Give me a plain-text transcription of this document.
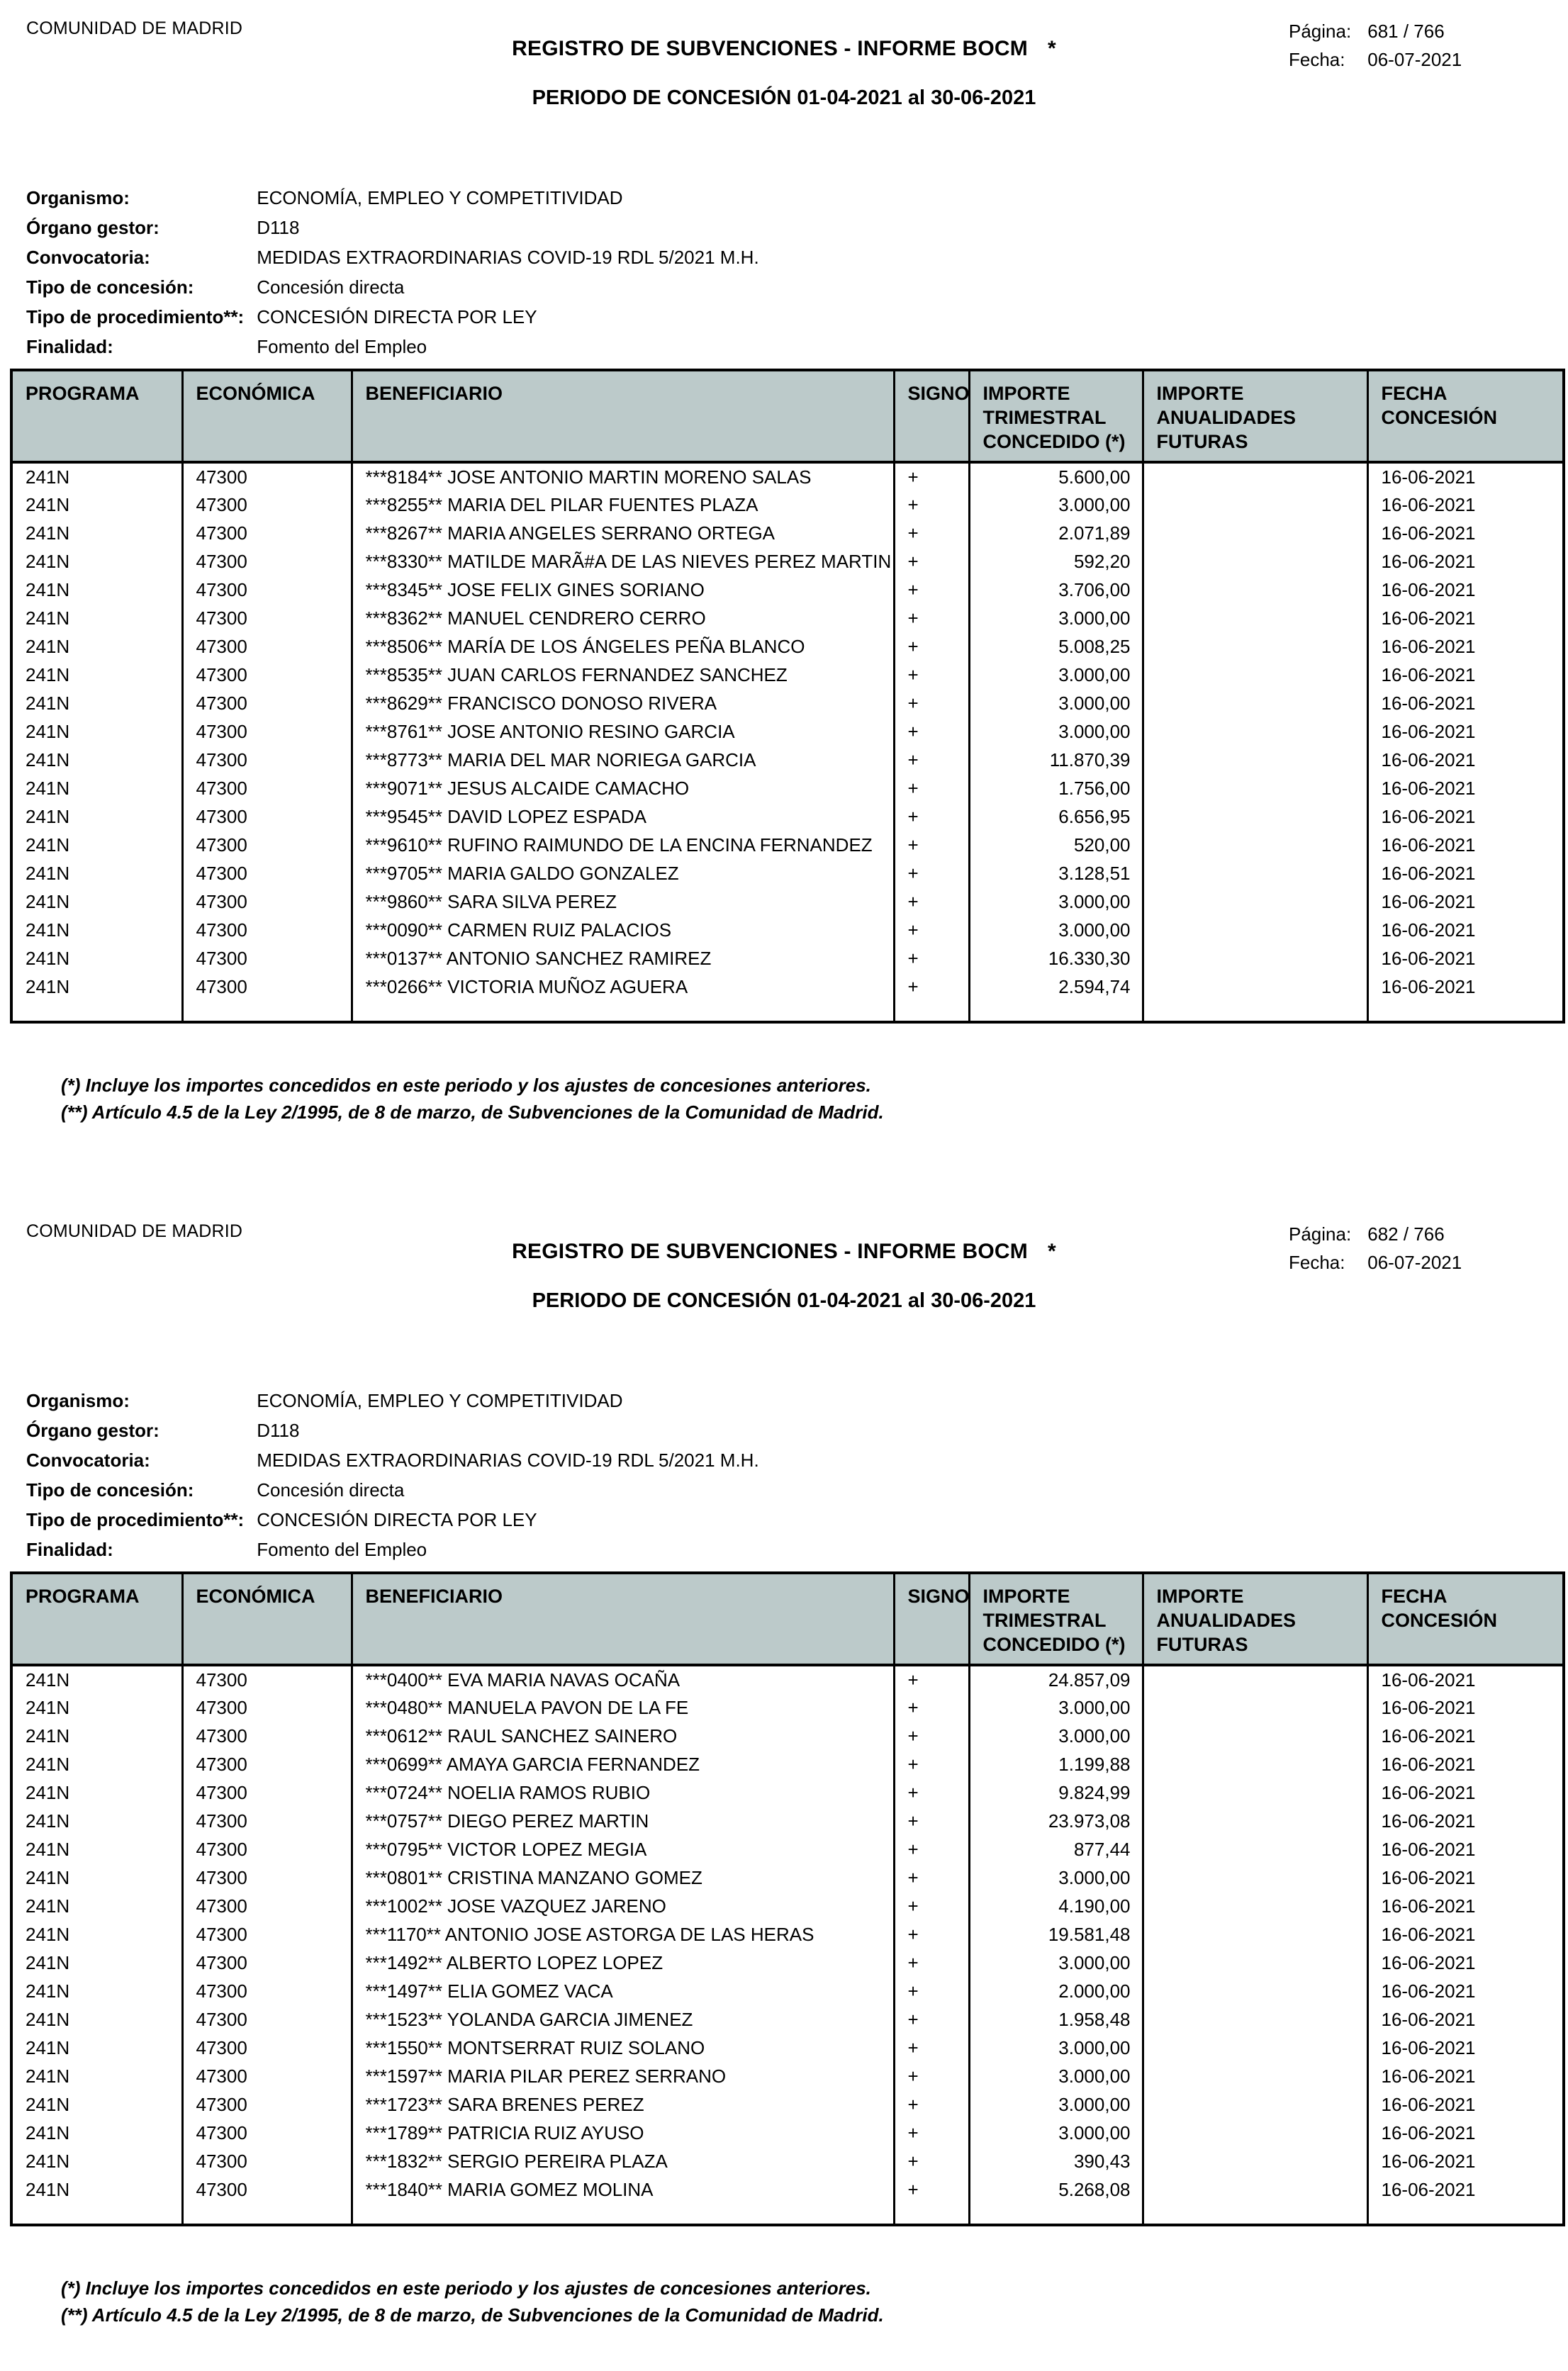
COMUNIDAD DE MADRID
REGISTRO DE SUBVENCIONES - INFORME BOCM *
PERIODO DE CONCESIÓN 01-04-2021 al 30-06-2021
Página: 681 / 766
Fecha: 06-07-2021
Organismo:	ECONOMÍA, EMPLEO Y COMPETITIVIDAD
Órgano gestor:	D118
Convocatoria:	MEDIDAS EXTRAORDINARIAS COVID-19 RDL 5/2021 M.H.
Tipo de concesión:	Concesión directa
Tipo de procedimiento**: CONCESIÓN DIRECTA POR LEY
Finalidad:	Fomento del Empleo
PROGRAMA	ECONÓMICA	BENEFICIARIO	SIGNO	IMPORTE TRIMESTRAL CONCEDIDO (*)	IMPORTE ANUALIDADES FUTURAS	FECHA CONCESIÓN
241N	47300	***8184** JOSE ANTONIO MARTIN MORENO SALAS	+	5.600,00		16-06-2021
241N	47300	***8255** MARIA DEL PILAR FUENTES PLAZA	+	3.000,00		16-06-2021
241N	47300	***8267** MARIA ANGELES SERRANO ORTEGA	+	2.071,89		16-06-2021
241N	47300	***8330** MATILDE MARÃ#A DE LAS NIEVES PEREZ MARTIN	+	592,20		16-06-2021
241N	47300	***8345** JOSE FELIX GINES SORIANO	+	3.706,00		16-06-2021
241N	47300	***8362** MANUEL CENDRERO CERRO	+	3.000,00		16-06-2021
241N	47300	***8506** MARÍA DE LOS ÁNGELES PEÑA BLANCO	+	5.008,25		16-06-2021
241N	47300	***8535** JUAN CARLOS FERNANDEZ SANCHEZ	+	3.000,00		16-06-2021
241N	47300	***8629** FRANCISCO DONOSO RIVERA	+	3.000,00		16-06-2021
241N	47300	***8761** JOSE ANTONIO RESINO GARCIA	+	3.000,00		16-06-2021
241N	47300	***8773** MARIA DEL MAR NORIEGA GARCIA	+	11.870,39		16-06-2021
241N	47300	***9071** JESUS ALCAIDE CAMACHO	+	1.756,00		16-06-2021
241N	47300	***9545** DAVID LOPEZ ESPADA	+	6.656,95		16-06-2021
241N	47300	***9610** RUFINO RAIMUNDO DE LA ENCINA FERNANDEZ	+	520,00		16-06-2021
241N	47300	***9705** MARIA GALDO GONZALEZ	+	3.128,51		16-06-2021
241N	47300	***9860** SARA SILVA PEREZ	+	3.000,00		16-06-2021
241N	47300	***0090** CARMEN RUIZ PALACIOS	+	3.000,00		16-06-2021
241N	47300	***0137** ANTONIO SANCHEZ RAMIREZ	+	16.330,30		16-06-2021
241N	47300	***0266** VICTORIA MUÑOZ AGUERA	+	2.594,74		16-06-2021

(*) Incluye los importes concedidos en este periodo y los ajustes de concesiones anteriores.
(**) Artículo 4.5 de la Ley 2/1995, de 8 de marzo, de Subvenciones de la Comunidad de Madrid.
COMUNIDAD DE MADRID
REGISTRO DE SUBVENCIONES - INFORME BOCM *
PERIODO DE CONCESIÓN 01-04-2021 al 30-06-2021
Página: 682 / 766
Fecha: 06-07-2021
Organismo:	ECONOMÍA, EMPLEO Y COMPETITIVIDAD
Órgano gestor:	D118
Convocatoria:	MEDIDAS EXTRAORDINARIAS COVID-19 RDL 5/2021 M.H.
Tipo de concesión:	Concesión directa
Tipo de procedimiento**: CONCESIÓN DIRECTA POR LEY
Finalidad:	Fomento del Empleo
PROGRAMA	ECONÓMICA	BENEFICIARIO	SIGNO	IMPORTE TRIMESTRAL CONCEDIDO (*)	IMPORTE ANUALIDADES FUTURAS	FECHA CONCESIÓN
241N	47300	***0400** EVA MARIA NAVAS OCAÑA	+	24.857,09		16-06-2021
241N	47300	***0480** MANUELA PAVON DE LA FE	+	3.000,00		16-06-2021
241N	47300	***0612** RAUL SANCHEZ SAINERO	+	3.000,00		16-06-2021
241N	47300	***0699** AMAYA GARCIA FERNANDEZ	+	1.199,88		16-06-2021
241N	47300	***0724** NOELIA RAMOS RUBIO	+	9.824,99		16-06-2021
241N	47300	***0757** DIEGO PEREZ MARTIN	+	23.973,08		16-06-2021
241N	47300	***0795** VICTOR LOPEZ MEGIA	+	877,44		16-06-2021
241N	47300	***0801** CRISTINA MANZANO GOMEZ	+	3.000,00		16-06-2021
241N	47300	***1002** JOSE VAZQUEZ JARENO	+	4.190,00		16-06-2021
241N	47300	***1170** ANTONIO JOSE ASTORGA DE LAS HERAS	+	19.581,48		16-06-2021
241N	47300	***1492** ALBERTO LOPEZ LOPEZ	+	3.000,00		16-06-2021
241N	47300	***1497** ELIA GOMEZ VACA	+	2.000,00		16-06-2021
241N	47300	***1523** YOLANDA GARCIA JIMENEZ	+	1.958,48		16-06-2021
241N	47300	***1550** MONTSERRAT RUIZ SOLANO	+	3.000,00		16-06-2021
241N	47300	***1597** MARIA PILAR PEREZ SERRANO	+	3.000,00		16-06-2021
241N	47300	***1723** SARA BRENES PEREZ	+	3.000,00		16-06-2021
241N	47300	***1789** PATRICIA RUIZ AYUSO	+	3.000,00		16-06-2021
241N	47300	***1832** SERGIO PEREIRA PLAZA	+	390,43		16-06-2021
241N	47300	***1840** MARIA GOMEZ MOLINA	+	5.268,08		16-06-2021

(*) Incluye los importes concedidos en este periodo y los ajustes de concesiones anteriores.
(**) Artículo 4.5 de la Ley 2/1995, de 8 de marzo, de Subvenciones de la Comunidad de Madrid.
